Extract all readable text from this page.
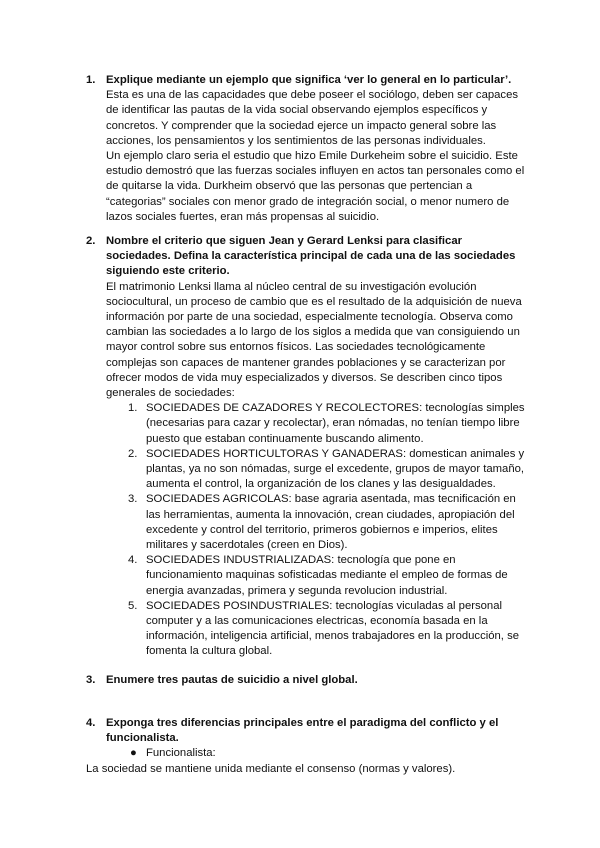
1. Explique mediante un ejemplo que significa ‘ver lo general en lo particular’.

Esta es una de las capacidades que debe poseer el sociólogo, deben ser capaces de identificar las pautas de la vida social observando ejemplos específicos y concretos. Y comprender que la sociedad ejerce un impacto general sobre las acciones, los pensamientos y los sentimientos de las personas individuales.

Un ejemplo claro seria el estudio que hizo Emile Durkeheim sobre el suicidio. Este estudio demostró que las fuerzas sociales influyen en actos tan personales como el de quitarse la vida. Durkheim observó que las personas que pertencian a “categorias” sociales con menor grado de integración social, o menor numero de lazos sociales fuertes, eran más propensas al suicidio.

2. Nombre el criterio que siguen Jean y Gerard Lenksi para clasificar sociedades. Defina la característica principal de cada una de las sociedades siguiendo este criterio.

El matrimonio Lenksi llama al núcleo central de su investigación evolución sociocultural, un proceso de cambio que es el resultado de la adquisición de nueva información por parte de una sociedad, especialmente tecnología. Observa como cambian las sociedades a lo largo de los siglos a medida que van consiguiendo un mayor control sobre sus entornos físicos. Las sociedades tecnológicamente complejas son capaces de mantener grandes poblaciones y se caracterizan por ofrecer modos de vida muy especializados y diversos. Se describen cinco tipos generales de sociedades:

1. SOCIEDADES DE CAZADORES Y RECOLECTORES: tecnologías simples (necesarias para cazar y recolectar), eran nómadas, no tenían tiempo libre puesto que estaban continuamente buscando alimento.
2. SOCIEDADES HORTICULTORAS Y GANADERAS: domestican animales y plantas, ya no son nómadas, surge el excedente, grupos de mayor tamaño, aumenta el control, la organización de los clanes y las desigualdades.
3. SOCIEDADES AGRICOLAS: base agraria asentada, mas tecnificación en las herramientas, aumenta la innovación, crean ciudades, apropiación del excedente y control del territorio, primeros gobiernos e imperios, elites militares y sacerdotales (creen en Dios).
4. SOCIEDADES INDUSTRIALIZADAS: tecnología que pone en funcionamiento maquinas sofisticadas mediante el empleo de formas de energia avanzadas, primera y segunda revolucion industrial.
5. SOCIEDADES POSINDUSTRIALES: tecnologías viculadas al personal computer y a las comunicaciones electricas, economía basada en la información, inteligencia artificial, menos trabajadores en la producción, se fomenta la cultura global.
3. Enumere tres pautas de suicidio a nivel global.

4. Exponga tres diferencias principales entre el paradigma del conflicto y el funcionalista.

● Funcionalista:

La sociedad se mantiene unida mediante el consenso (normas y valores).
